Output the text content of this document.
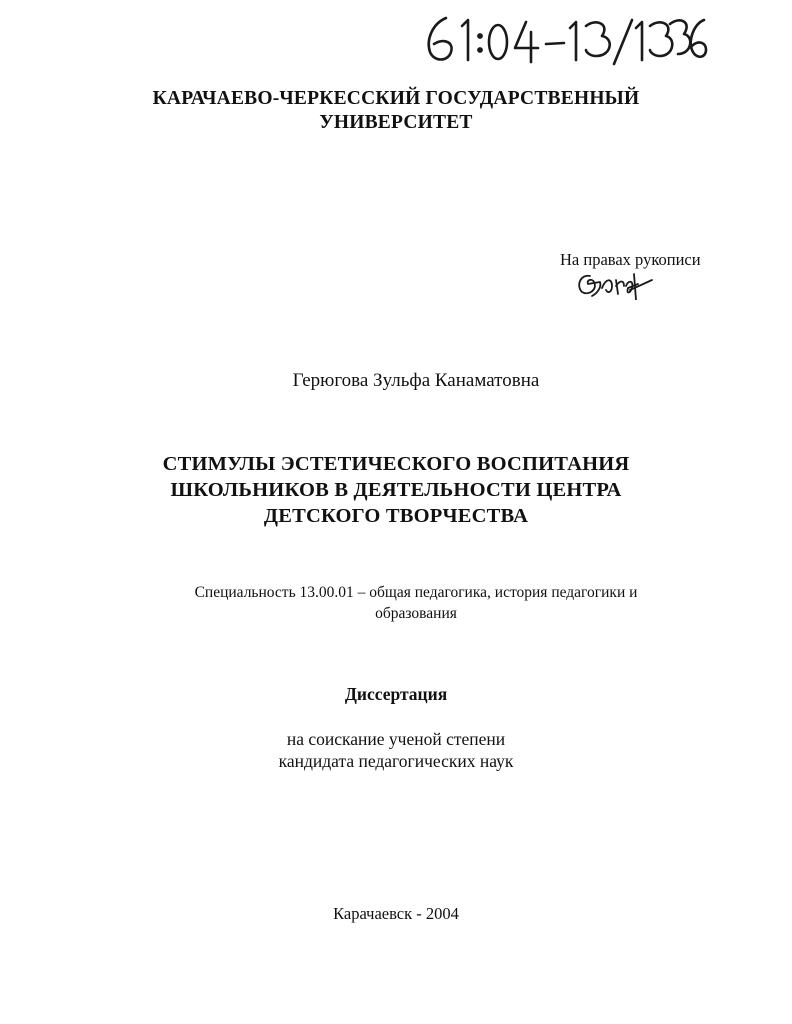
КАРАЧАЕВО-ЧЕРКЕССКИЙ ГОСУДАРСТВЕННЫЙ
УНИВЕРСИТЕТ
На правах рукописи
Герюгова Зульфа Канаматовна
СТИМУЛЫ ЭСТЕТИЧЕСКОГО ВОСПИТАНИЯ
ШКОЛЬНИКОВ В ДЕЯТЕЛЬНОСТИ ЦЕНТРА
ДЕТСКОГО ТВОРЧЕСТВА
Специальность 13.00.01 – общая педагогика, история педагогики и
образования
Диссертация
на соискание ученой степени
кандидата педагогических наук
Карачаевск - 2004
